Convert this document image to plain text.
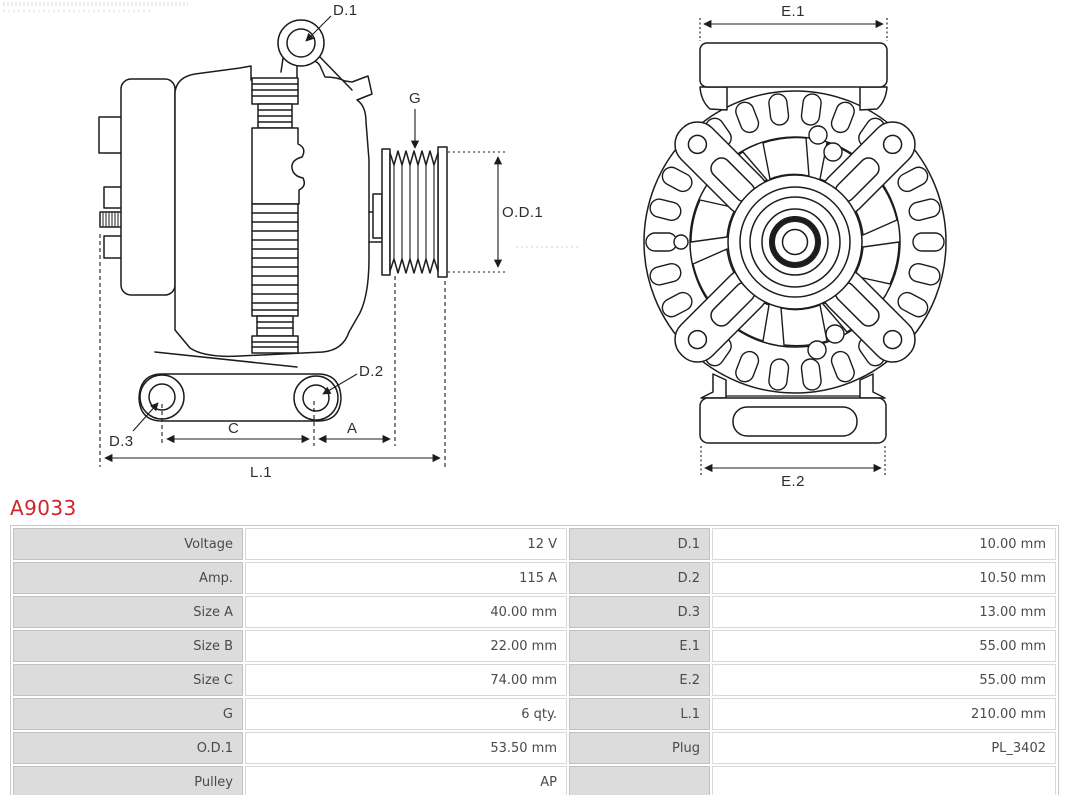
D.1
G
O.D.1
D.3
D.2
C	A
L.1
E.1
E.2
A9033
Voltage	12 V	D.1	10.00 mm
Amp.	115 A	D.2	10.50 mm
Size A	40.00 mm	D.3	13.00 mm
Size B	22.00 mm	E.1	55.00 mm
Size C	74.00 mm	E.2	55.00 mm
G	6 qty.	L.1	210.00 mm
O.D.1	53.50 mm	Plug	PL_3402
Pulley	AP		
